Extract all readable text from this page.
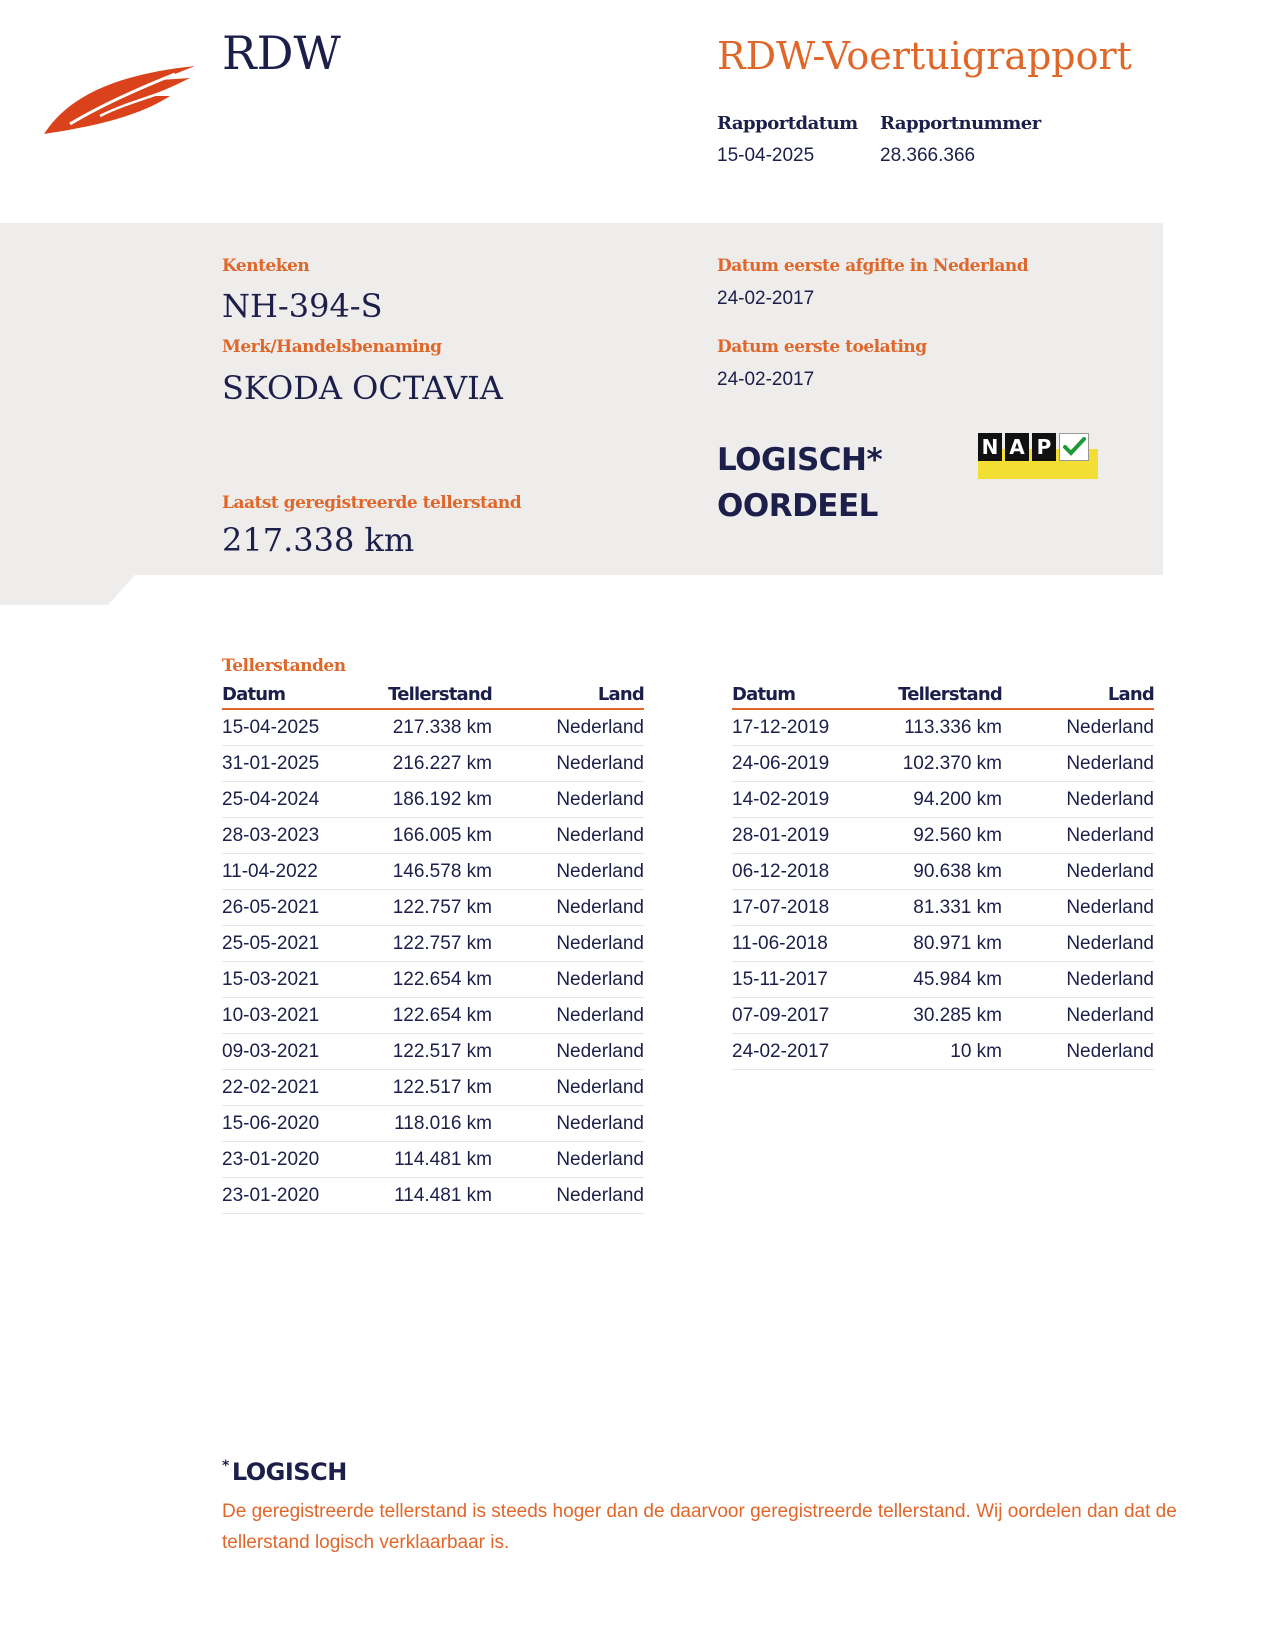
RDW	RDW-Voertuigrapport
Rapportdatum
15-04-2025
Rapportnummer
28.366.366
Kenteken
NH-394-S
Merk/Handelsbenaming
SKODA OCTAVIA
Laatst geregistreerde tellerstand
217.338 km
Datum eerste afgifte in Nederland
24-02-2017
Datum eerste toelating
24-02-2017
LOGISCH*
OORDEEL
N A P
Tellerstanden
Datum	Tellerstand	Land
15-04-2025	217.338 km	Nederland
31-01-2025	216.227 km	Nederland
25-04-2024	186.192 km	Nederland
28-03-2023	166.005 km	Nederland
11-04-2022	146.578 km	Nederland
26-05-2021	122.757 km	Nederland
25-05-2021	122.757 km	Nederland
15-03-2021	122.654 km	Nederland
10-03-2021	122.654 km	Nederland
09-03-2021	122.517 km	Nederland
22-02-2021	122.517 km	Nederland
15-06-2020	118.016 km	Nederland
23-01-2020	114.481 km	Nederland
23-01-2020	114.481 km	Nederland
Datum	Tellerstand	Land
17-12-2019	113.336 km	Nederland
24-06-2019	102.370 km	Nederland
14-02-2019	94.200 km	Nederland
28-01-2019	92.560 km	Nederland
06-12-2018	90.638 km	Nederland
17-07-2018	81.331 km	Nederland
11-06-2018	80.971 km	Nederland
15-11-2017	45.984 km	Nederland
07-09-2017	30.285 km	Nederland
24-02-2017	10 km	Nederland
* LOGISCH
De geregistreerde tellerstand is steeds hoger dan de daarvoor geregistreerde tellerstand. Wij oordelen dan dat de tellerstand logisch verklaarbaar is.
